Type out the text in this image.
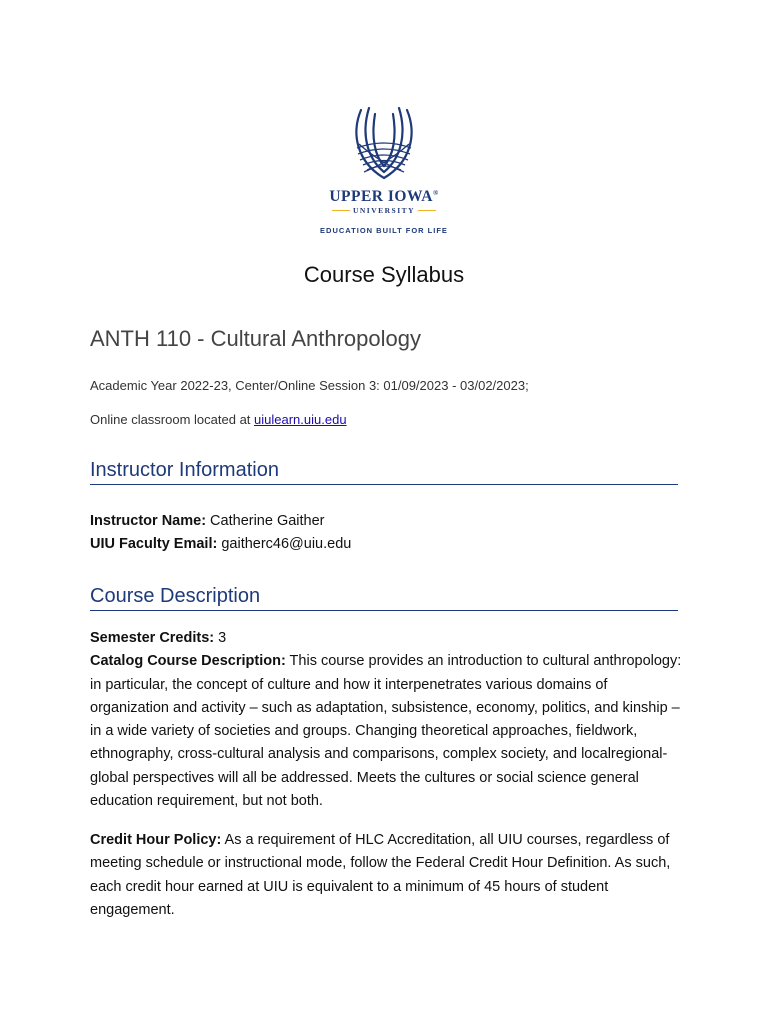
UPPER IOWA®
UNIVERSITY
EDUCATION BUILT FOR LIFE
Course Syllabus
ANTH 110 - Cultural Anthropology
Academic Year 2022-23, Center/Online Session 3: 01/09/2023 - 03/02/2023;
Online classroom located at uiulearn.uiu.edu
Instructor Information
Instructor Name: Catherine Gaither
UIU Faculty Email: gaitherc46@uiu.edu
Course Description
Semester Credits: 3
Catalog Course Description: This course provides an introduction to cultural anthropology: in particular, the concept of culture and how it interpenetrates various domains of organization and activity – such as adaptation, subsistence, economy, politics, and kinship – in a wide variety of societies and groups. Changing theoretical approaches, fieldwork, ethnography, cross-cultural analysis and comparisons, complex society, and localregional-global perspectives will all be addressed. Meets the cultures or social science general education requirement, but not both.
Credit Hour Policy: As a requirement of HLC Accreditation, all UIU courses, regardless of meeting schedule or instructional mode, follow the Federal Credit Hour Definition. As such, each credit hour earned at UIU is equivalent to a minimum of 45 hours of student engagement.
